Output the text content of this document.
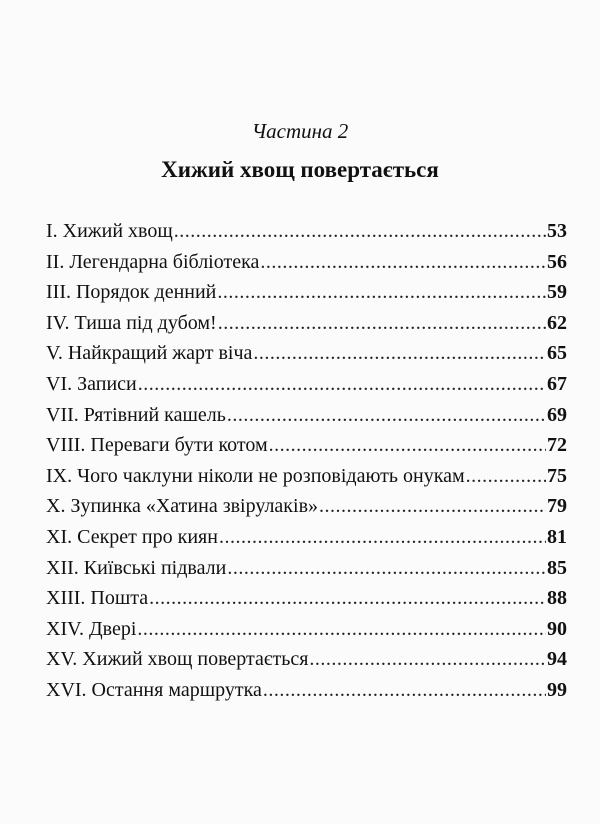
Частина 2
Хижий хвощ повертається
I. Хижий хвощ .....	53
II. Легендарна бібліотека .....	56
III. Порядок денний .....	59
IV. Тиша під дубом! .....	62
V. Найкращий жарт віча .....	65
VI. Записи .....	67
VII. Рятівний кашель .....	69
VIII. Переваги бути котом .....	72
IX. Чого чаклуни ніколи не розповідають онукам .....	75
X. Зупинка «Хатина звірулаків» .....	79
XI. Секрет про киян .....	81
XII. Київські підвали .....	85
XIII. Пошта .....	88
XIV. Двері .....	90
XV. Хижий хвощ повертається .....	94
XVI. Остання маршрутка .....	99
